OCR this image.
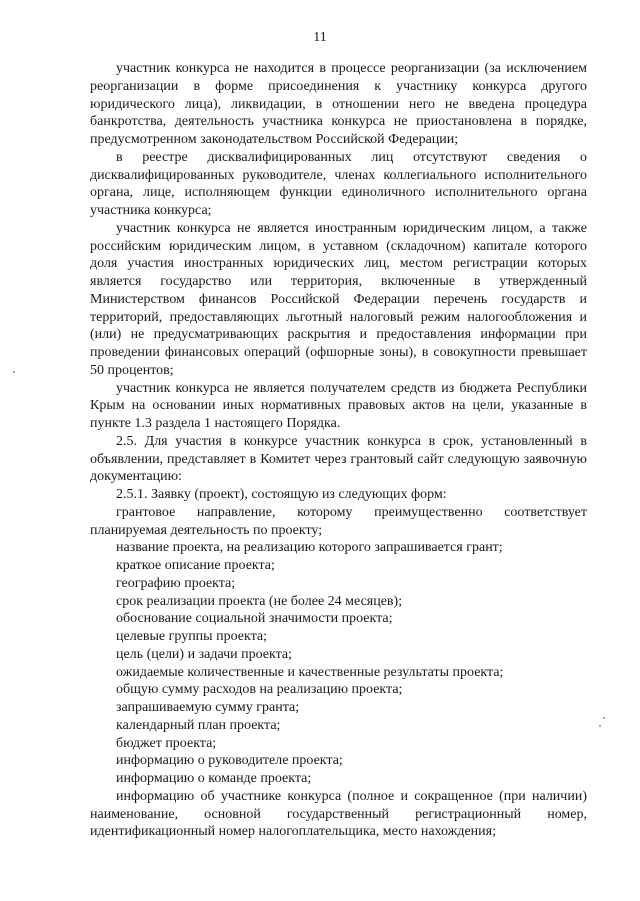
11

участник конкурса не находится в процессе реорганизации (за исключением реорганизации в форме присоединения к участнику конкурса другого юридического лица), ликвидации, в отношении него не введена процедура банкротства, деятельность участника конкурса не приостановлена в порядке, предусмотренном законодательством Российской Федерации;

в реестре дисквалифицированных лиц отсутствуют сведения о дисквалифицированных руководителе, членах коллегиального исполнительного органа, лице, исполняющем функции единоличного исполнительного органа участника конкурса;

участник конкурса не является иностранным юридическим лицом, а также российским юридическим лицом, в уставном (складочном) капитале которого доля участия иностранных юридических лиц, местом регистрации которых является государство или территория, включенные в утвержденный Министерством финансов Российской Федерации перечень государств и территорий, предоставляющих льготный налоговый режим налогообложения и (или) не предусматривающих раскрытия и предоставления информации при проведении финансовых операций (офшорные зоны), в совокупности превышает 50 процентов;

участник конкурса не является получателем средств из бюджета Республики Крым на основании иных нормативных правовых актов на цели, указанные в пункте 1.3 раздела 1 настоящего Порядка.

2.5. Для участия в конкурсе участник конкурса в срок, установленный в объявлении, представляет в Комитет через грантовый сайт следующую заявочную документацию:

2.5.1. Заявку (проект), состоящую из следующих форм:

грантовое направление, которому преимущественно соответствует планируемая деятельность по проекту;

название проекта, на реализацию которого запрашивается грант;

краткое описание проекта;

географию проекта;

срок реализации проекта (не более 24 месяцев);

обоснование социальной значимости проекта;

целевые группы проекта;

цель (цели) и задачи проекта;

ожидаемые количественные и качественные результаты проекта;

общую сумму расходов на реализацию проекта;

запрашиваемую сумму гранта;

календарный план проекта;

бюджет проекта;

информацию о руководителе проекта;

информацию о команде проекта;

информацию об участнике конкурса (полное и сокращенное (при наличии) наименование, основной государственный регистрационный номер, идентификационный номер налогоплательщика, место нахождения;
